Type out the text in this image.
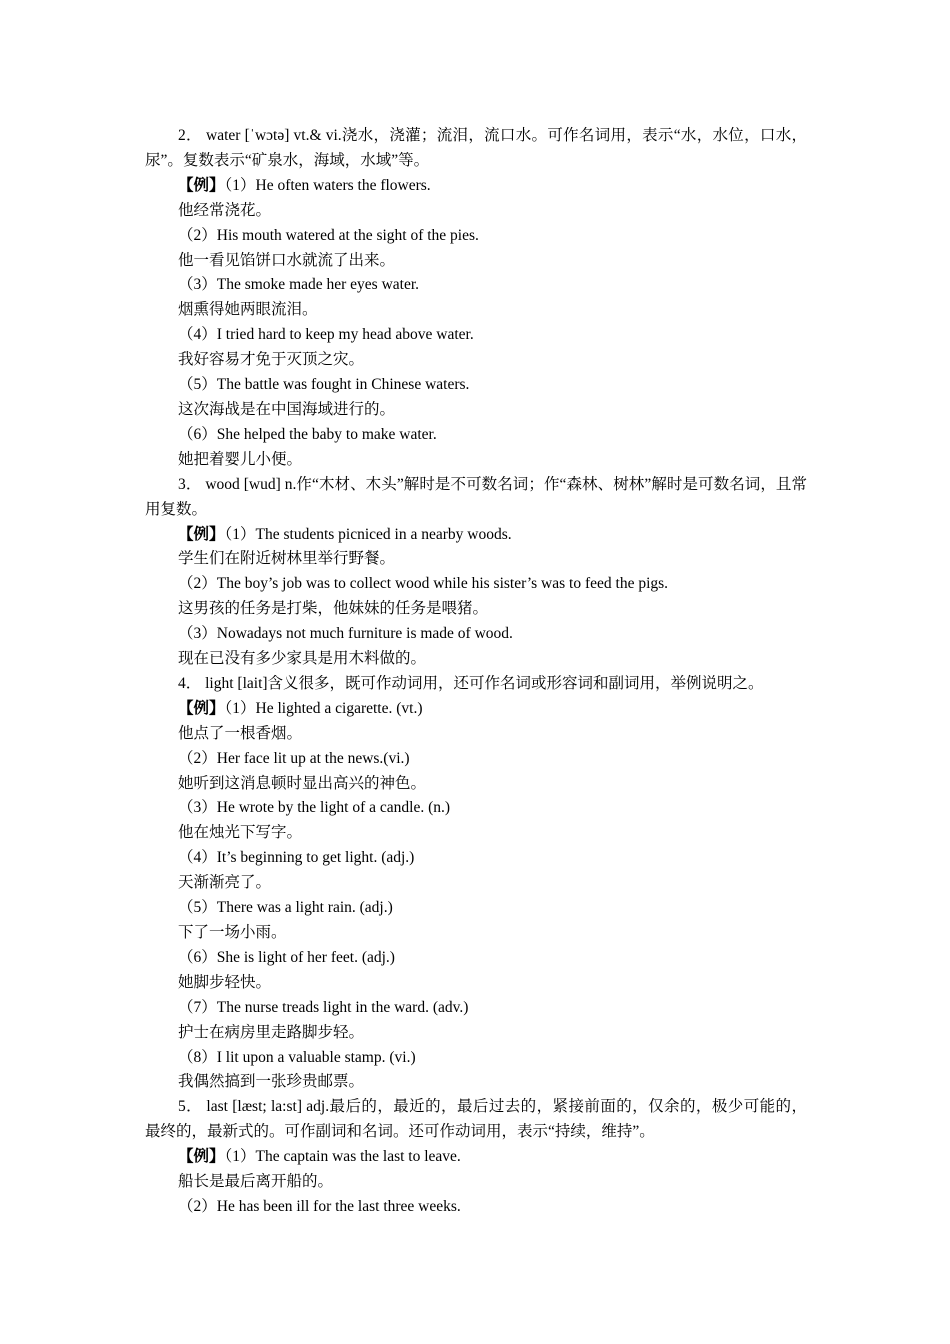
2． water [ˈwɔtə] vt.& vi.浇水，浇灌；流泪，流口水。可作名词用，表示“水，水位，口水，尿”。复数表示“矿泉水，海域，水域”等。
【例】（1）He often waters the flowers.
他经常浇花。
（2）His mouth watered at the sight of the pies.
他一看见馅饼口水就流了出来。
（3）The smoke made her eyes water.
烟熏得她两眼流泪。
（4）I tried hard to keep my head above water.
我好容易才免于灭顶之灾。
（5）The battle was fought in Chinese waters.
这次海战是在中国海域进行的。
（6）She helped the baby to make water.
她把着婴儿小便。
3． wood [wud] n.作“木材、木头”解时是不可数名词；作“森林、树林”解时是可数名词，且常用复数。
【例】（1）The students picniced in a nearby woods.
学生们在附近树林里举行野餐。
（2）The boy’s job was to collect wood while his sister’s was to feed the pigs.
这男孩的任务是打柴，他妹妹的任务是喂猪。
（3）Nowadays not much furniture is made of wood.
现在已没有多少家具是用木料做的。
4． light [lait]含义很多，既可作动词用，还可作名词或形容词和副词用，举例说明之。
【例】（1）He lighted a cigarette. (vt.)
他点了一根香烟。
（2）Her face lit up at the news.(vi.)
她听到这消息顿时显出高兴的神色。
（3）He wrote by the light of a candle. (n.)
他在烛光下写字。
（4）It’s beginning to get light. (adj.)
天渐渐亮了。
（5）There was a light rain. (adj.)
下了一场小雨。
（6）She is light of her feet. (adj.)
她脚步轻快。
（7）The nurse treads light in the ward. (adv.)
护士在病房里走路脚步轻。
（8）I lit upon a valuable stamp. (vi.)
我偶然搞到一张珍贵邮票。
5． last [læst; la:st] adj.最后的，最近的，最后过去的，紧接前面的，仅余的，极少可能的，最终的，最新式的。可作副词和名词。还可作动词用，表示“持续，维持”。
【例】（1）The captain was the last to leave.
船长是最后离开船的。
（2）He has been ill for the last three weeks.
